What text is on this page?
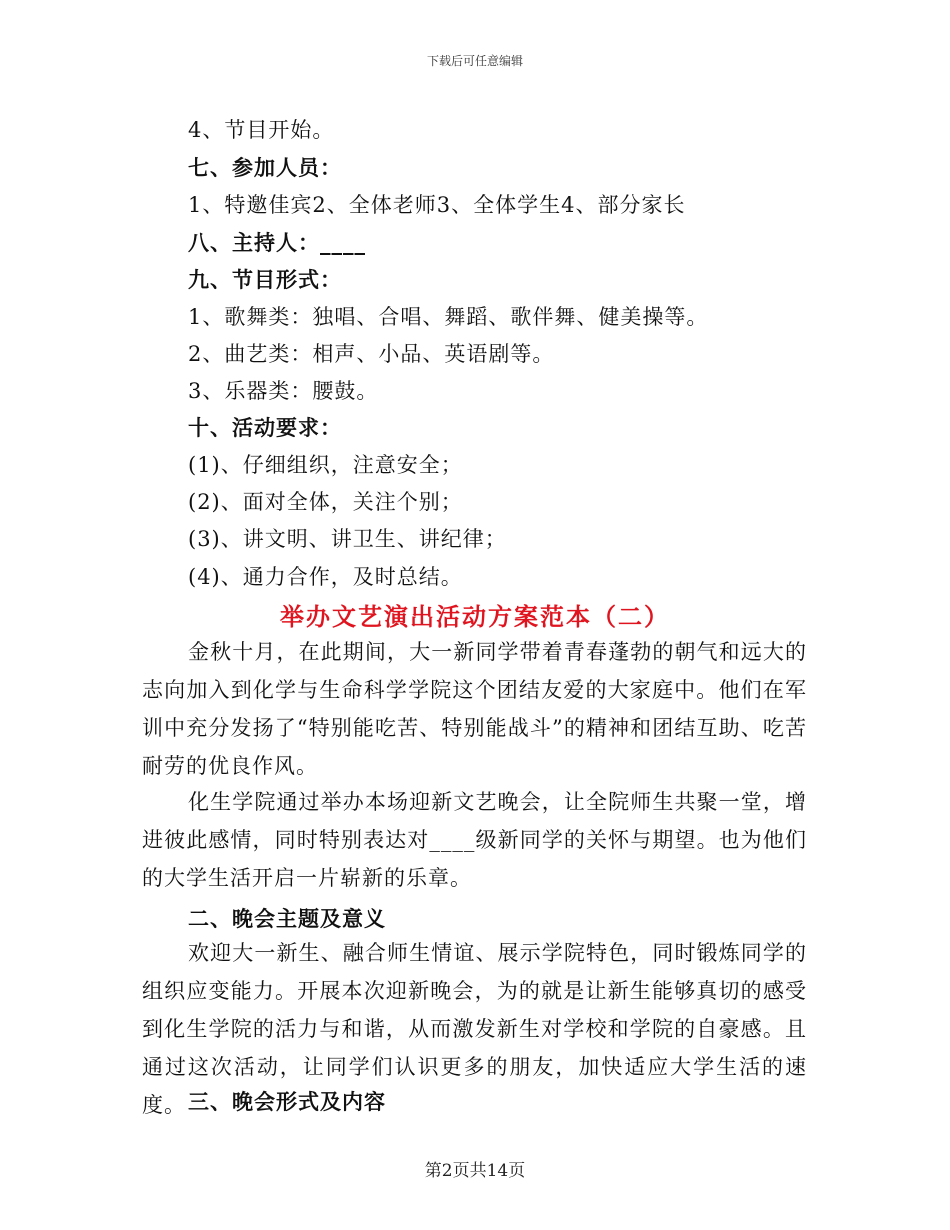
下载后可任意编辑
4、节目开始。
七、参加人员：
1、特邀佳宾2、全体老师3、全体学生4、部分家长
八、主持人：____
九、节目形式：
1、歌舞类：独唱、合唱、舞蹈、歌伴舞、健美操等。
2、曲艺类：相声、小品、英语剧等。
3、乐器类：腰鼓。
十、活动要求：
(1)、仔细组织，注意安全；
(2)、面对全体，关注个别；
(3)、讲文明、讲卫生、讲纪律；
(4)、通力合作，及时总结。
举办文艺演出活动方案范本（二）
金秋十月，在此期间，大一新同学带着青春蓬勃的朝气和远大的志向加入到化学与生命科学学院这个团结友爱的大家庭中。他们在军训中充分发扬了“特别能吃苦、特别能战斗”的精神和团结互助、吃苦耐劳的优良作风。
化生学院通过举办本场迎新文艺晚会，让全院师生共聚一堂，增进彼此感情，同时特别表达对____级新同学的关怀与期望。也为他们的大学生活开启一片崭新的乐章。
二、晚会主题及意义
欢迎大一新生、融合师生情谊、展示学院特色，同时锻炼同学的组织应变能力。开展本次迎新晚会，为的就是让新生能够真切的感受到化生学院的活力与和谐，从而激发新生对学校和学院的自豪感。且通过这次活动，让同学们认识更多的朋友，加快适应大学生活的速度。 三、晚会形式及内容
第2页共14页
